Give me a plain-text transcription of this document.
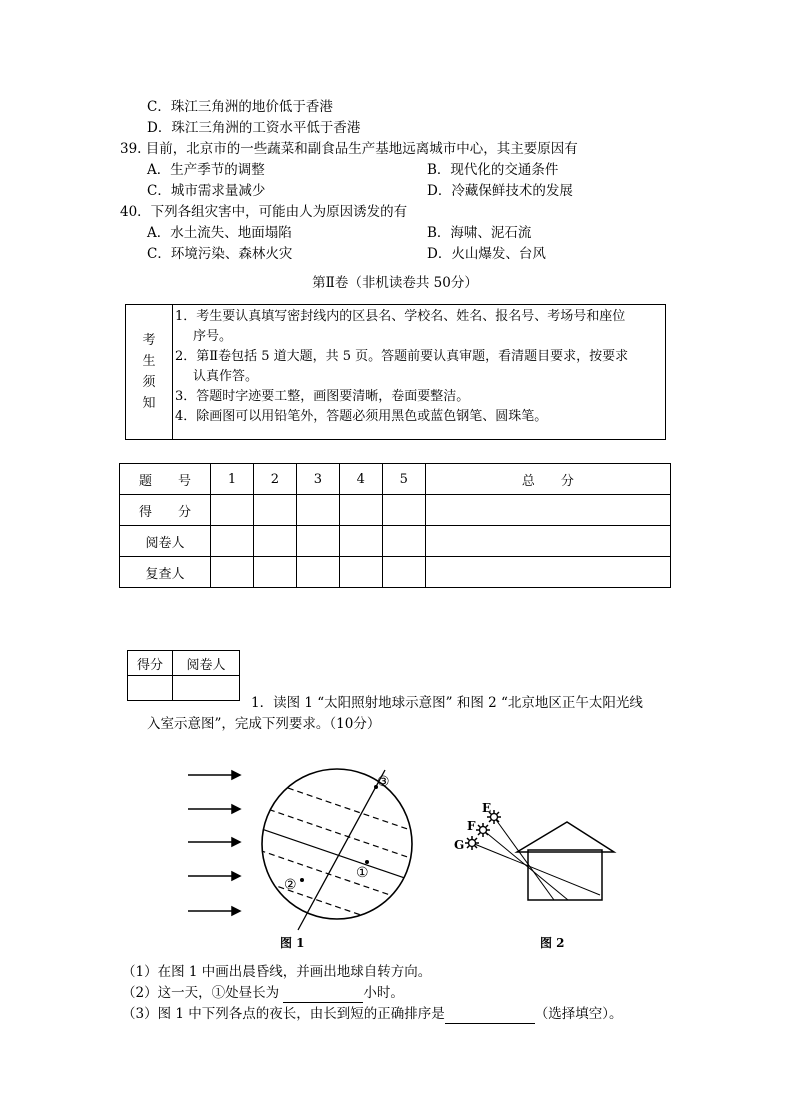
C．珠江三角洲的地价低于香港
D．珠江三角洲的工资水平低于香港
39. 目前，北京市的一些蔬菜和副食品生产基地远离城市中心，其主要原因有
A．生产季节的调整	B．现代化的交通条件
C．城市需求量减少	D．冷藏保鲜技术的发展
40．下列各组灾害中，可能由人为原因诱发的有
A．水土流失、地面塌陷	B．海啸、泥石流
C．环境污染、森林火灾	D．火山爆发、台风
第Ⅱ卷（非机读卷共 50分）
考
生
须
知

1．考生要认真填写密封线内的区县名、学校名、姓名、报名号、考场号和座位
序号。
2．第Ⅱ卷包括 5 道大题，共 5 页。答题前要认真审题，看清题目要求，按要求
认真作答。
3．答题时字迹要工整，画图要清晰，卷面要整洁。
4．除画图可以用铅笔外，答题必须用黑色或蓝色钢笔、圆珠笔。
题　　号	1	2	3	4	5	总　　分
得　　分						
阅卷人						
复查人						
得分	阅卷人

1．读图 1 “太阳照射地球示意图” 和图 2 “北京地区正午太阳光线
入室示意图”，完成下列要求。（10分）
③
①
②
图 1
E
F
G
图 2
（1）在图 1 中画出晨昏线，并画出地球自转方向。
（2）这一天，①处昼长为	小时。
（3）图 1 中下列各点的夜长，由长到短的正确排序是	（选择填空）。
